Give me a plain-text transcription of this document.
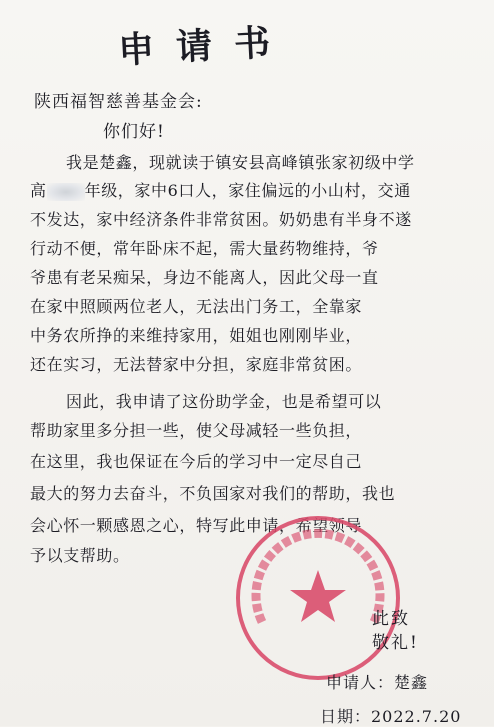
申请书
陕西福智慈善基金会:
你们好!
我是楚鑫，现就读于镇安县高峰镇张家初级中学
高 年级，家中6口人，家住偏远的小山村，交通
不发达，家中经济条件非常贫困。奶奶患有半身不遂
行动不便，常年卧床不起，需大量药物维持，爷
爷患有老呆痴呆，身边不能离人，因此父母一直
在家中照顾两位老人，无法出门务工，全靠家
中务农所挣的来维持家用，姐姐也刚刚毕业，
还在实习，无法替家中分担，家庭非常贫困。
因此，我申请了这份助学金，也是希望可以
帮助家里多分担一些，使父母减轻一些负担，
在这里，我也保证在今后的学习中一定尽自己
最大的努力去奋斗，不负国家对我们的帮助，我也
会心怀一颗感恩之心，特写此申请，希望领导
予以支帮助。
此致
敬礼!
申请人：楚鑫
日期：2022.7.20
